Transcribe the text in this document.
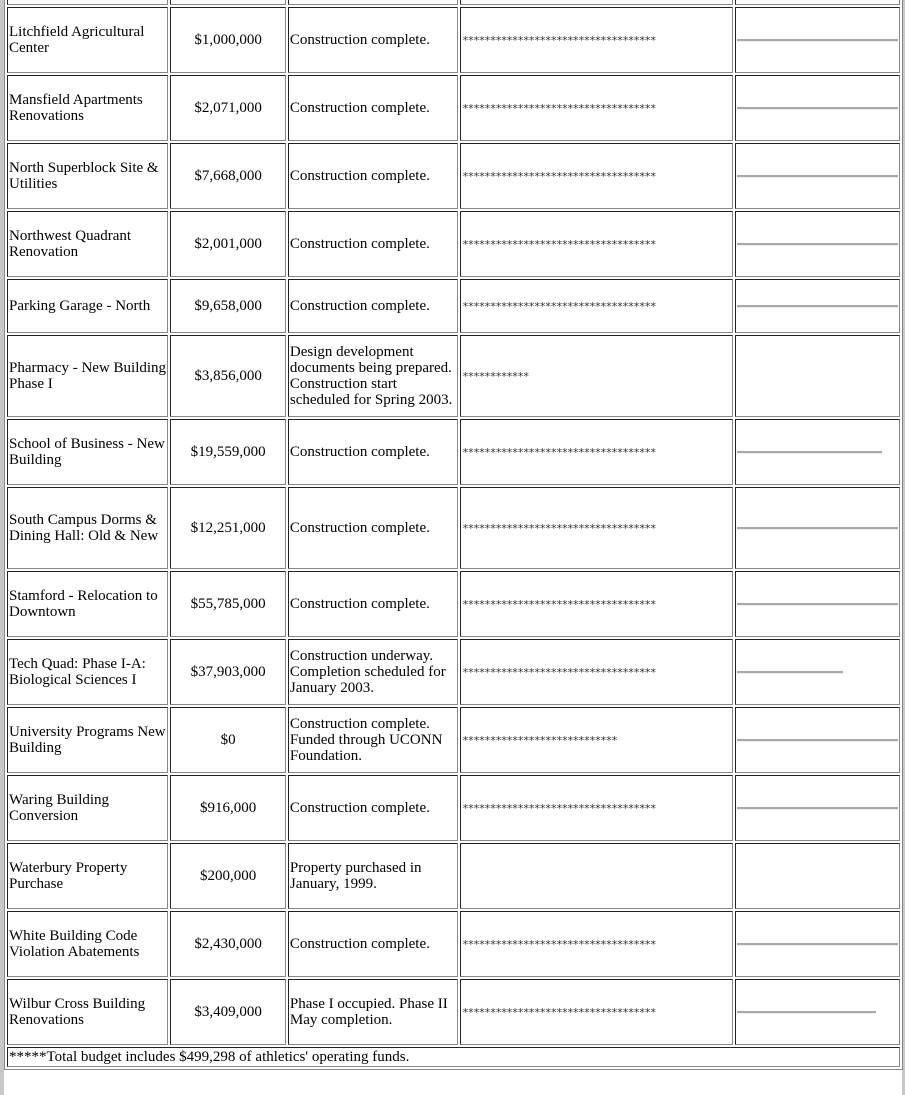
Litchfield Agricultural Center	$1,000,000	Construction complete.	***********************************	

Mansfield Apartments Renovations	$2,071,000	Construction complete.	***********************************	

North Superblock Site & Utilities	$7,668,000	Construction complete.	***********************************	

Northwest Quadrant Renovation	$2,001,000	Construction complete.	***********************************	

Parking Garage - North	$9,658,000	Construction complete.	***********************************	

Pharmacy - New Building Phase I	$3,856,000	Design development documents being prepared. Construction start scheduled for Spring 2003.	************	
School of Business - New Building	$19,559,000	Construction complete.	***********************************	

South Campus Dorms & Dining Hall: Old & New	$12,251,000	Construction complete.	***********************************	

Stamford - Relocation to Downtown	$55,785,000	Construction complete.	***********************************	

Tech Quad: Phase I-A: Biological Sciences I	$37,903,000	Construction underway. Completion scheduled for January 2003.	***********************************	

University Programs New Building	$0	Construction complete. Funded through UCONN Foundation.	****************************	

Waring Building Conversion	$916,000	Construction complete.	***********************************	

Waterbury Property Purchase	$200,000	Property purchased in January, 1999.		
White Building Code Violation Abatements	$2,430,000	Construction complete.	***********************************	

Wilbur Cross Building Renovations	$3,409,000	Phase I occupied. Phase II May completion.	***********************************	

*****Total budget includes $499,298 of athletics' operating funds.				
